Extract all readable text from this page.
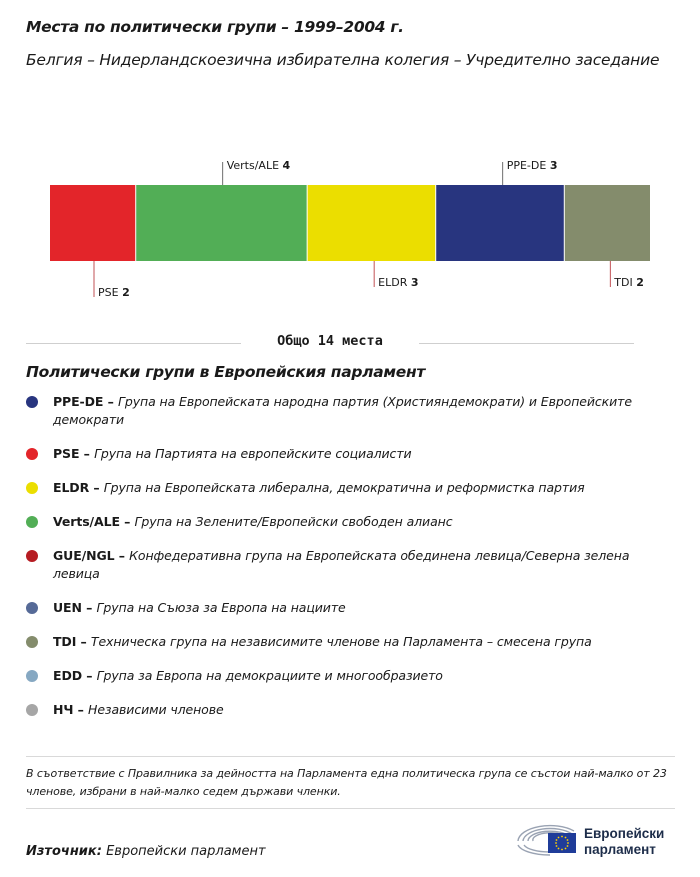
Места по политически групи – 1999–2004 г.
Белгия – Нидерландскоезична избирателна колегия – Учредително заседание
PSE 2
Verts/ALE 4
ELDR 3
PPE-DE 3
TDI 2
Общо 14 места
Политически групи в Европейския парламент
PPE-DE – Група на Европейската народна партия (Християндемократи) и Европейските демократи
PSE – Група на Партията на европейските социалисти
ELDR – Група на Европейската либерална, демократична и реформистка партия
Verts/ALE – Група на Зелените/Европейски свободен алианс
GUE/NGL – Конфедеративна група на Европейската обединена левица/Северна зелена левица
UEN – Група на Съюза за Европа на нациите
TDI – Техническа група на независимите членове на Парламента – смесена група
EDD – Група за Европа на демокрациите и многообразието
НЧ – Независими членове
В съответствие с Правилника за дейността на Парламента една политическа група се състои най-малко от 23 членове, избрани в най-малко седем държави членки.
Източник: Европейски парламент
Европейски
парламент
